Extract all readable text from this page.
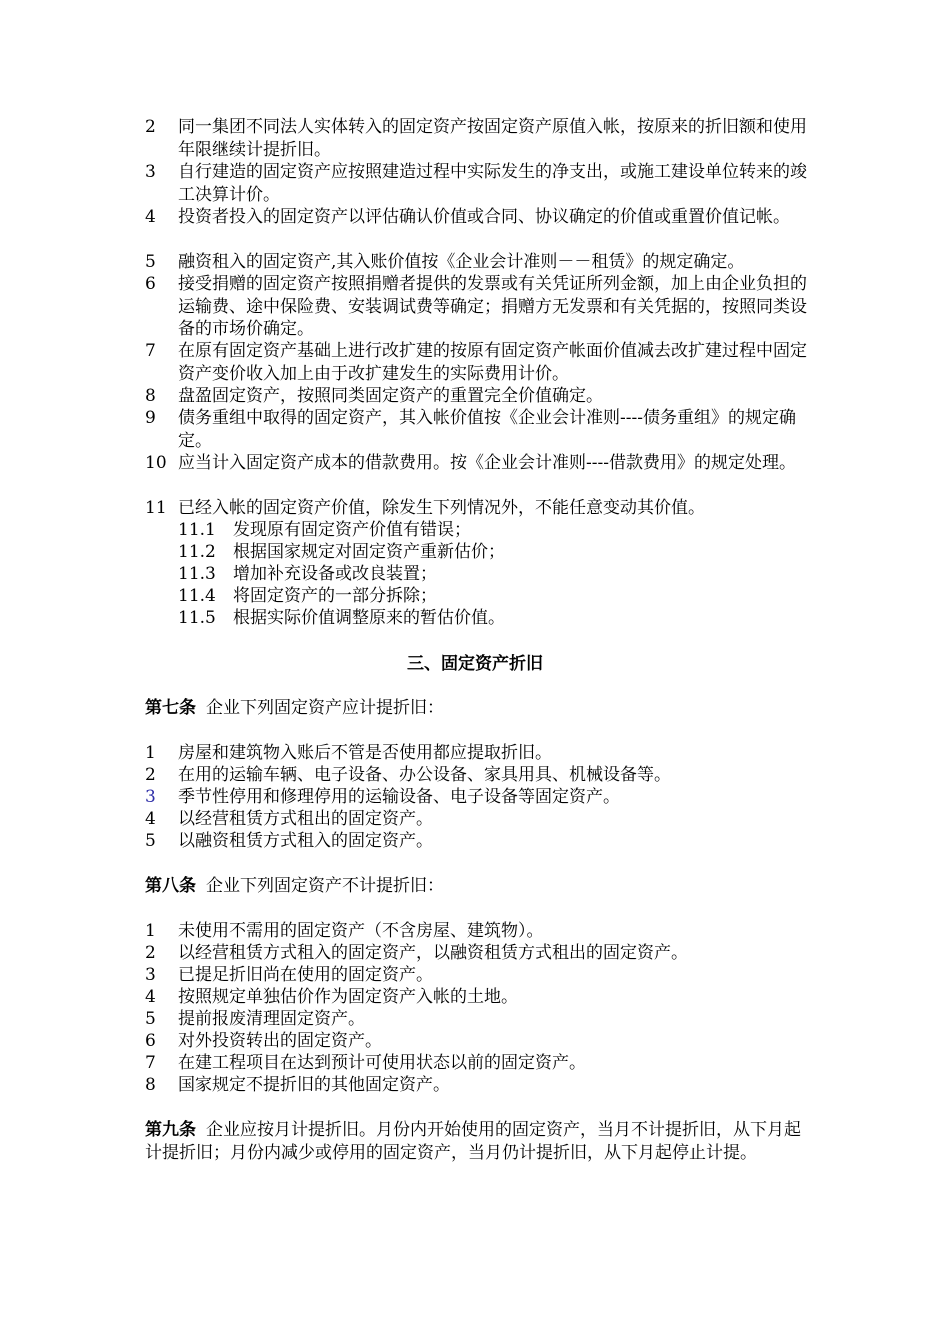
2	同一集团不同法人实体转入的固定资产按固定资产原值入帐，按原来的折旧额和使用年限继续计提折旧。
3	自行建造的固定资产应按照建造过程中实际发生的净支出，或施工建设单位转来的竣工决算计价。
4	投资者投入的固定资产以评估确认价值或合同、协议确定的价值或重置价值记帐。
5	融资租入的固定资产,其入账价值按《企业会计准则－－租赁》的规定确定。
6	接受捐赠的固定资产按照捐赠者提供的发票或有关凭证所列金额，加上由企业负担的运输费、途中保险费、安装调试费等确定；捐赠方无发票和有关凭据的，按照同类设备的市场价确定。
7	在原有固定资产基础上进行改扩建的按原有固定资产帐面价值减去改扩建过程中固定资产变价收入加上由于改扩建发生的实际费用计价。
8	盘盈固定资产，按照同类固定资产的重置完全价值确定。
9	债务重组中取得的固定资产，其入帐价值按《企业会计准则----债务重组》的规定确定。
10 应当计入固定资产成本的借款费用。按《企业会计准则----借款费用》的规定处理。
11 已经入帐的固定资产价值，除发生下列情况外，不能任意变动其价值。
11.1 发现原有固定资产价值有错误；
11.2 根据国家规定对固定资产重新估价；
11.3 增加补充设备或改良装置；
11.4 将固定资产的一部分拆除；
11.5 根据实际价值调整原来的暂估价值。
三、固定资产折旧
第七条 企业下列固定资产应计提折旧：
1	房屋和建筑物入账后不管是否使用都应提取折旧。
2	在用的运输车辆、电子设备、办公设备、家具用具、机械设备等。
3	季节性停用和修理停用的运输设备、电子设备等固定资产。
4	以经营租赁方式租出的固定资产。
5	以融资租赁方式租入的固定资产。
第八条 企业下列固定资产不计提折旧：
1	未使用不需用的固定资产（不含房屋、建筑物）。
2	以经营租赁方式租入的固定资产，以融资租赁方式租出的固定资产。
3	已提足折旧尚在使用的固定资产。
4	按照规定单独估价作为固定资产入帐的土地。
5	提前报废清理固定资产。
6	对外投资转出的固定资产。
7	在建工程项目在达到预计可使用状态以前的固定资产。
8	国家规定不提折旧的其他固定资产。
第九条 企业应按月计提折旧。月份内开始使用的固定资产，当月不计提折旧，从下月起计提折旧；月份内减少或停用的固定资产，当月仍计提折旧，从下月起停止计提。
